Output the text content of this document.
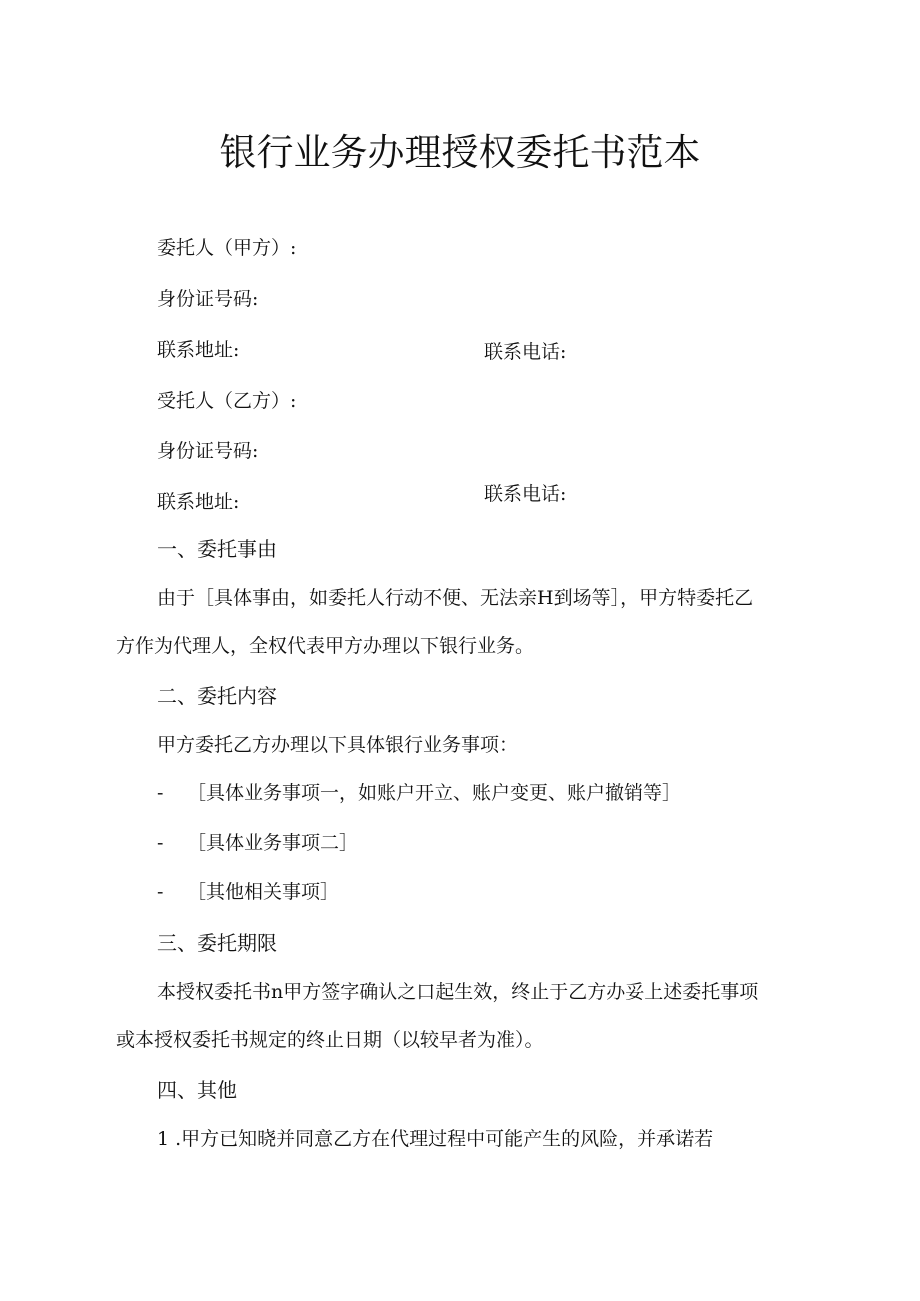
银行业务办理授权委托书范本
委托人（甲方）:
身份证号码:
联系地址:	联系电话:
受托人（乙方）:
身份证号码:
联系地址:	联系电话:
一、委托事由
由于［具体事由，如委托人行动不便、无法亲H到场等］，甲方特委托乙
方作为代理人，全权代表甲方办理以下银行业务。
二、委托内容
甲方委托乙方办理以下具体银行业务事项：
- ［具体业务事项一，如账户开立、账户变更、账户撤销等］
- ［具体业务事项二］
- ［其他相关事项］
三、委托期限
本授权委托书n甲方签字确认之口起生效，终止于乙方办妥上述委托事项
或本授权委托书规定的终止日期（以较早者为准）。
四、其他
1 .甲方已知晓并同意乙方在代理过程中可能产生的风险，并承诺若
